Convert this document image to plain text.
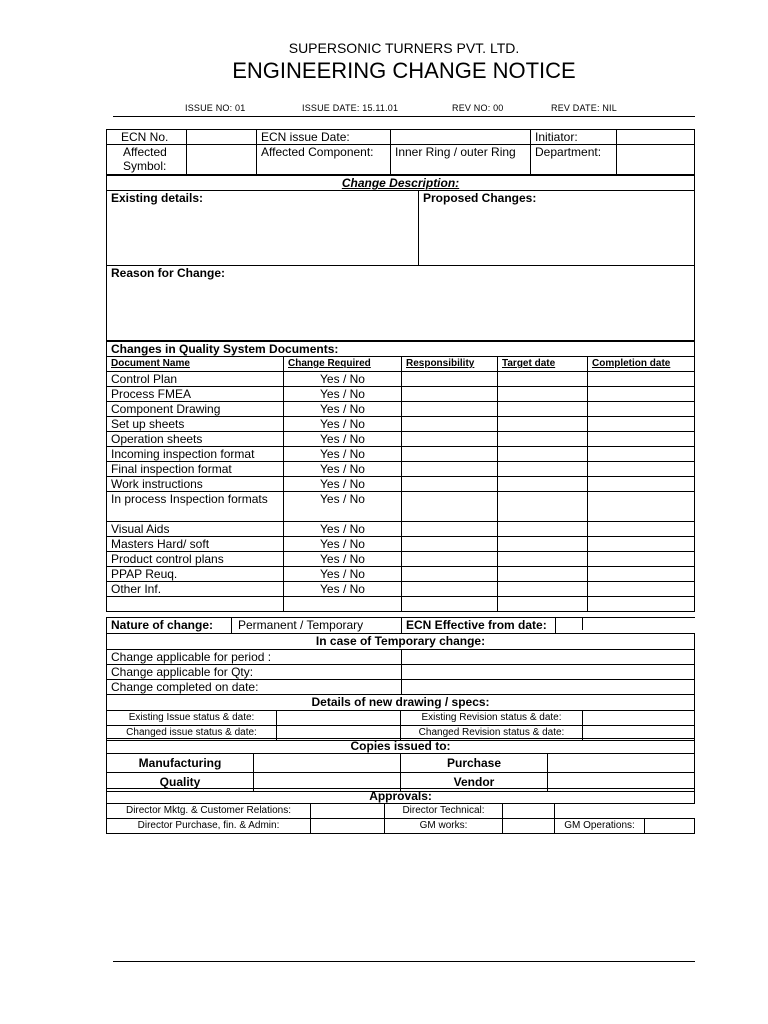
SUPERSONIC TURNERS PVT. LTD.
ENGINEERING CHANGE NOTICE
ISSUE NO: 01	ISSUE DATE: 15.11.01	REV NO: 00	REV DATE: NIL
ECN No.		ECN issue Date:		Initiator:	
Affected Symbol:		Affected Component:	Inner Ring / outer Ring	Department:	
Change Description:
Existing details:	Proposed Changes:
Reason for Change:
Changes in Quality System Documents:				
Document Name	Change Required	Responsibility	Target date	Completion date
Control Plan	Yes / No			
Process FMEA	Yes / No			
Component Drawing	Yes / No			
Set up sheets	Yes / No			
Operation sheets	Yes / No			
Incoming inspection format	Yes / No			
Final inspection format	Yes / No			
Work instructions	Yes / No			
In process Inspection formats	Yes / No			
Visual Aids	Yes / No			
Masters Hard/ soft	Yes / No			
Product control plans	Yes / No			
PPAP Reuq.	Yes / No			
Other Inf.	Yes / No			

Nature of change:	Permanent / Temporary	ECN Effective from date:	
In case of Temporary change:			
Change applicable for period :			
Change applicable for Qty:			
Change completed on date:			
Details of new drawing / specs:			
Existing Issue status & date:		Existing Revision status & date:	
Changed issue status & date:		Changed Revision status & date:	
Copies issued to:			
Manufacturing		Purchase	
Quality		Vendor	
Approvals:					
Director Mktg. & Customer Relations:		Director Technical:			
Director Purchase, fin. & Admin:		GM works:		GM Operations:	
